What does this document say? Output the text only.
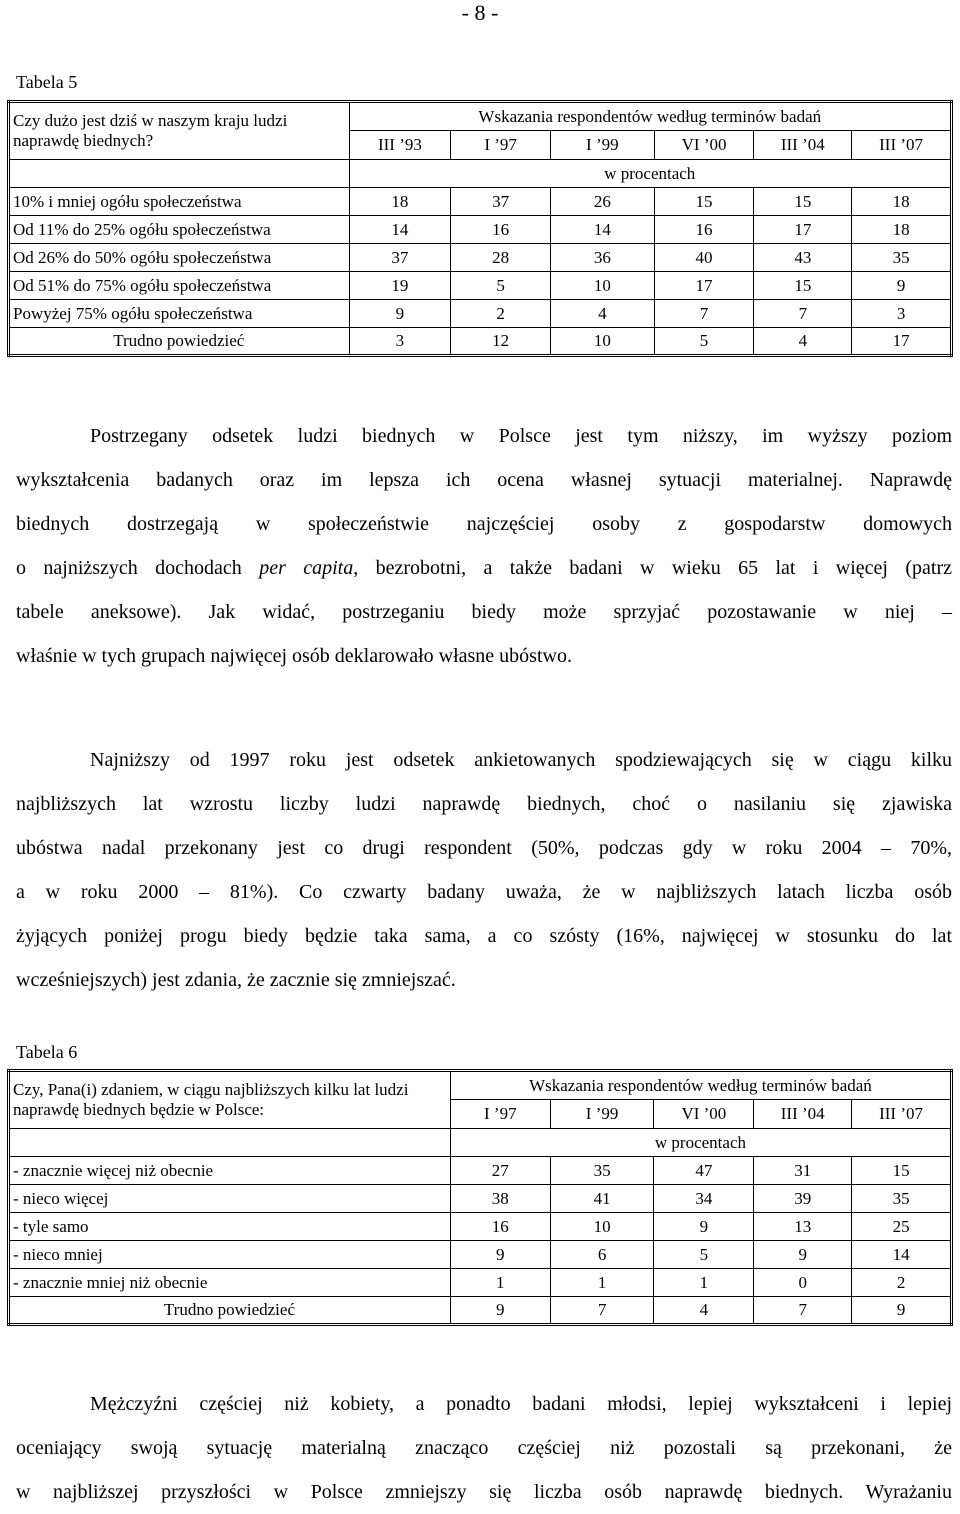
- 8 -
Tabela 5
Czy dużo jest dziś w naszym kraju ludzi naprawdę biednych?	Wskazania respondentów według terminów badań					
	III ’93	I ’97	I ’99	VI ’00	III ’04	III ’07
	w procentach					
10% i mniej ogółu społeczeństwa	18	37	26	15	15	18
Od 11% do 25% ogółu społeczeństwa	14	16	14	16	17	18
Od 26% do 50% ogółu społeczeństwa	37	28	36	40	43	35
Od 51% do 75% ogółu społeczeństwa	19	5	10	17	15	9
Powyżej 75% ogółu społeczeństwa	9	2	4	7	7	3
Trudno powiedzieć	3	12	10	5	4	17
Postrzegany odsetek ludzi biednych w Polsce jest tym niższy, im wyższy poziom
wykształcenia badanych oraz im lepsza ich ocena własnej sytuacji materialnej. Naprawdę
biednych dostrzegają w społeczeństwie najczęściej osoby z gospodarstw domowych
o najniższych dochodach per capita, bezrobotni, a także badani w wieku 65 lat i więcej (patrz
tabele aneksowe). Jak widać, postrzeganiu biedy może sprzyjać pozostawanie w niej –
właśnie w tych grupach najwięcej osób deklarowało własne ubóstwo.
Najniższy od 1997 roku jest odsetek ankietowanych spodziewających się w ciągu kilku
najbliższych lat wzrostu liczby ludzi naprawdę biednych, choć o nasilaniu się zjawiska
ubóstwa nadal przekonany jest co drugi respondent (50%, podczas gdy w roku 2004 – 70%,
a w roku 2000 – 81%). Co czwarty badany uważa, że w najbliższych latach liczba osób
żyjących poniżej progu biedy będzie taka sama, a co szósty (16%, najwięcej w stosunku do lat
wcześniejszych) jest zdania, że zacznie się zmniejszać.
Tabela 6
Czy, Pana(i) zdaniem, w ciągu najbliższych kilku lat ludzi naprawdę biednych będzie w Polsce:	Wskazania respondentów według terminów badań				
	I ’97	I ’99	VI ’00	III ’04	III ’07
	w procentach				
- znacznie więcej niż obecnie	27	35	47	31	15
- nieco więcej	38	41	34	39	35
- tyle samo	16	10	9	13	25
- nieco mniej	9	6	5	9	14
- znacznie mniej niż obecnie	1	1	1	0	2
Trudno powiedzieć	9	7	4	7	9
Mężczyźni częściej niż kobiety, a ponadto badani młodsi, lepiej wykształceni i lepiej
oceniający swoją sytuację materialną znacząco częściej niż pozostali są przekonani, że
w najbliższej przyszłości w Polsce zmniejszy się liczba osób naprawdę biednych. Wyrażaniu
